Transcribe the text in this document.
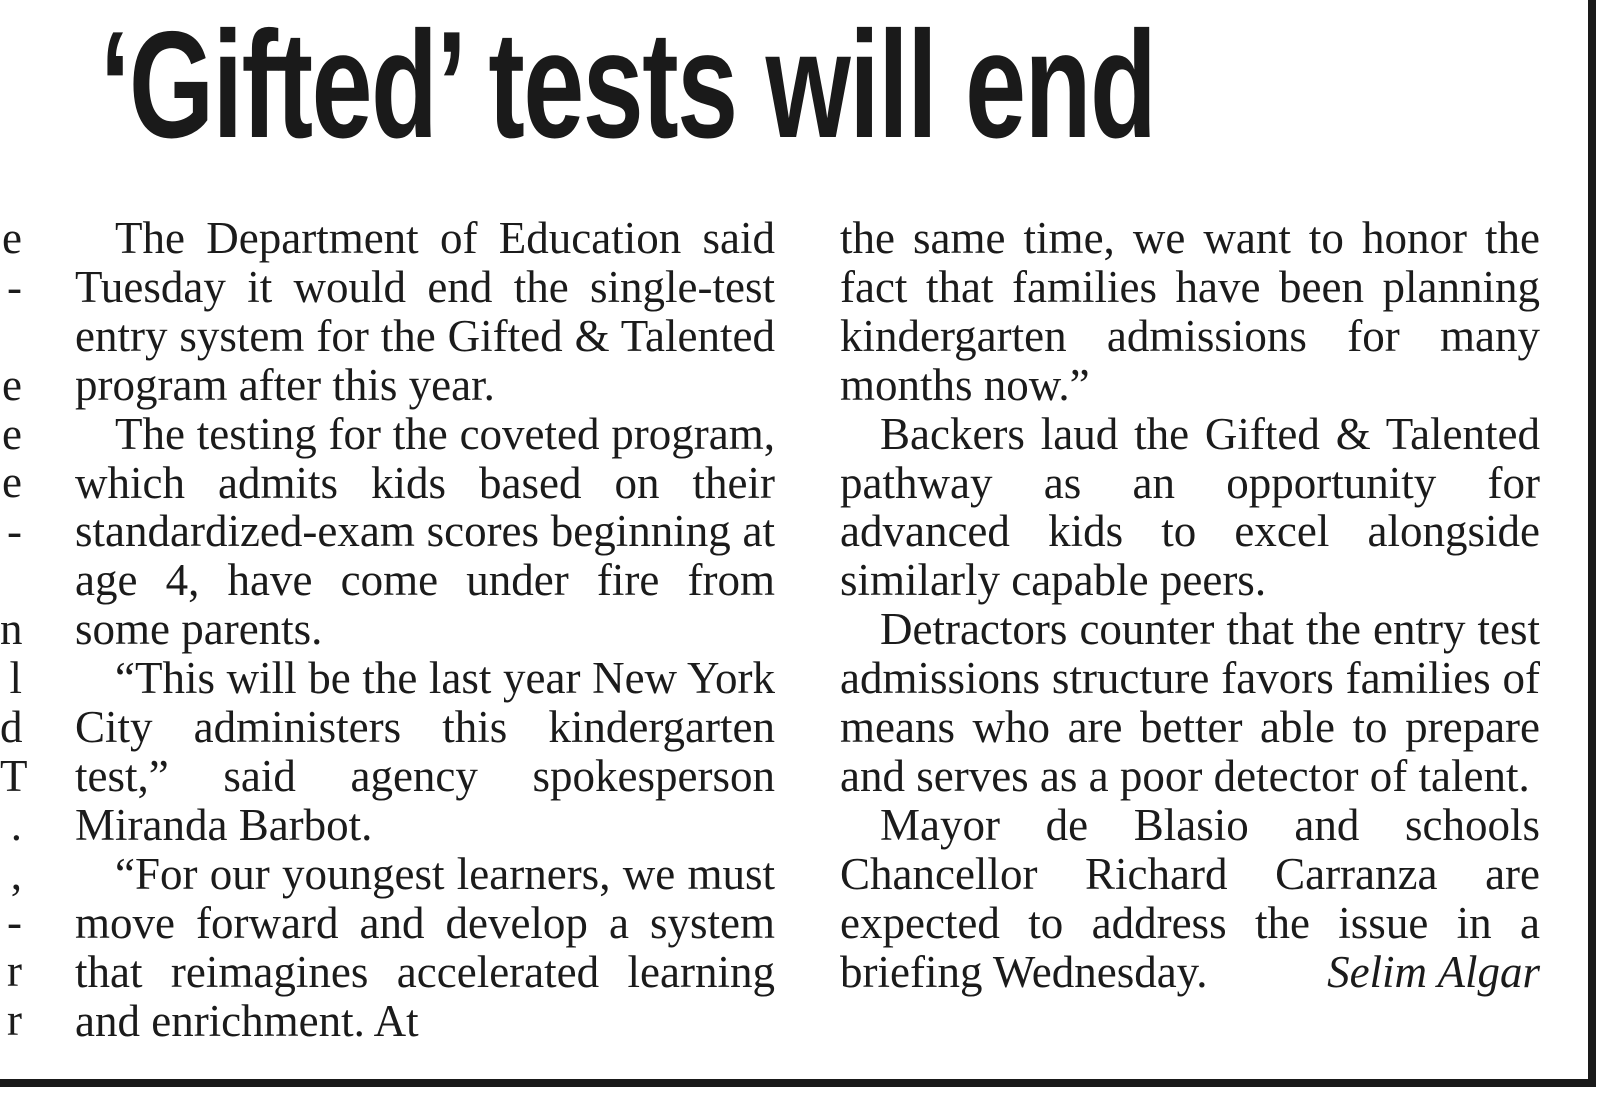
e
-
e
e
e
-
n
l
d
T
.
,
-
r
r
‘Gifted’ tests will end

The Department of Education said Tuesday it would end the single-test entry system for the Gifted & Talented program after this year.

The testing for the coveted program, which admits kids based on their standardized-exam scores beginning at age 4, have come under fire from some parents.

“This will be the last year New York City administers this kindergarten test,” said agency spokesperson Miranda Barbot.

“For our youngest learners, we must move forward and develop a system that reimagines accelerated learning and enrichment. At

the same time, we want to honor the fact that families have been planning kindergarten admissions for many months now.”

Backers laud the Gifted & Talented pathway as an opportunity for advanced kids to excel alongside similarly capable peers.

Detractors counter that the entry test admissions structure favors families of means who are better able to prepare and serves as a poor detector of talent.

Mayor de Blasio and schools Chancellor Richard Carranza are expected to address the issue in a briefing Wednesday.	Selim Algar
